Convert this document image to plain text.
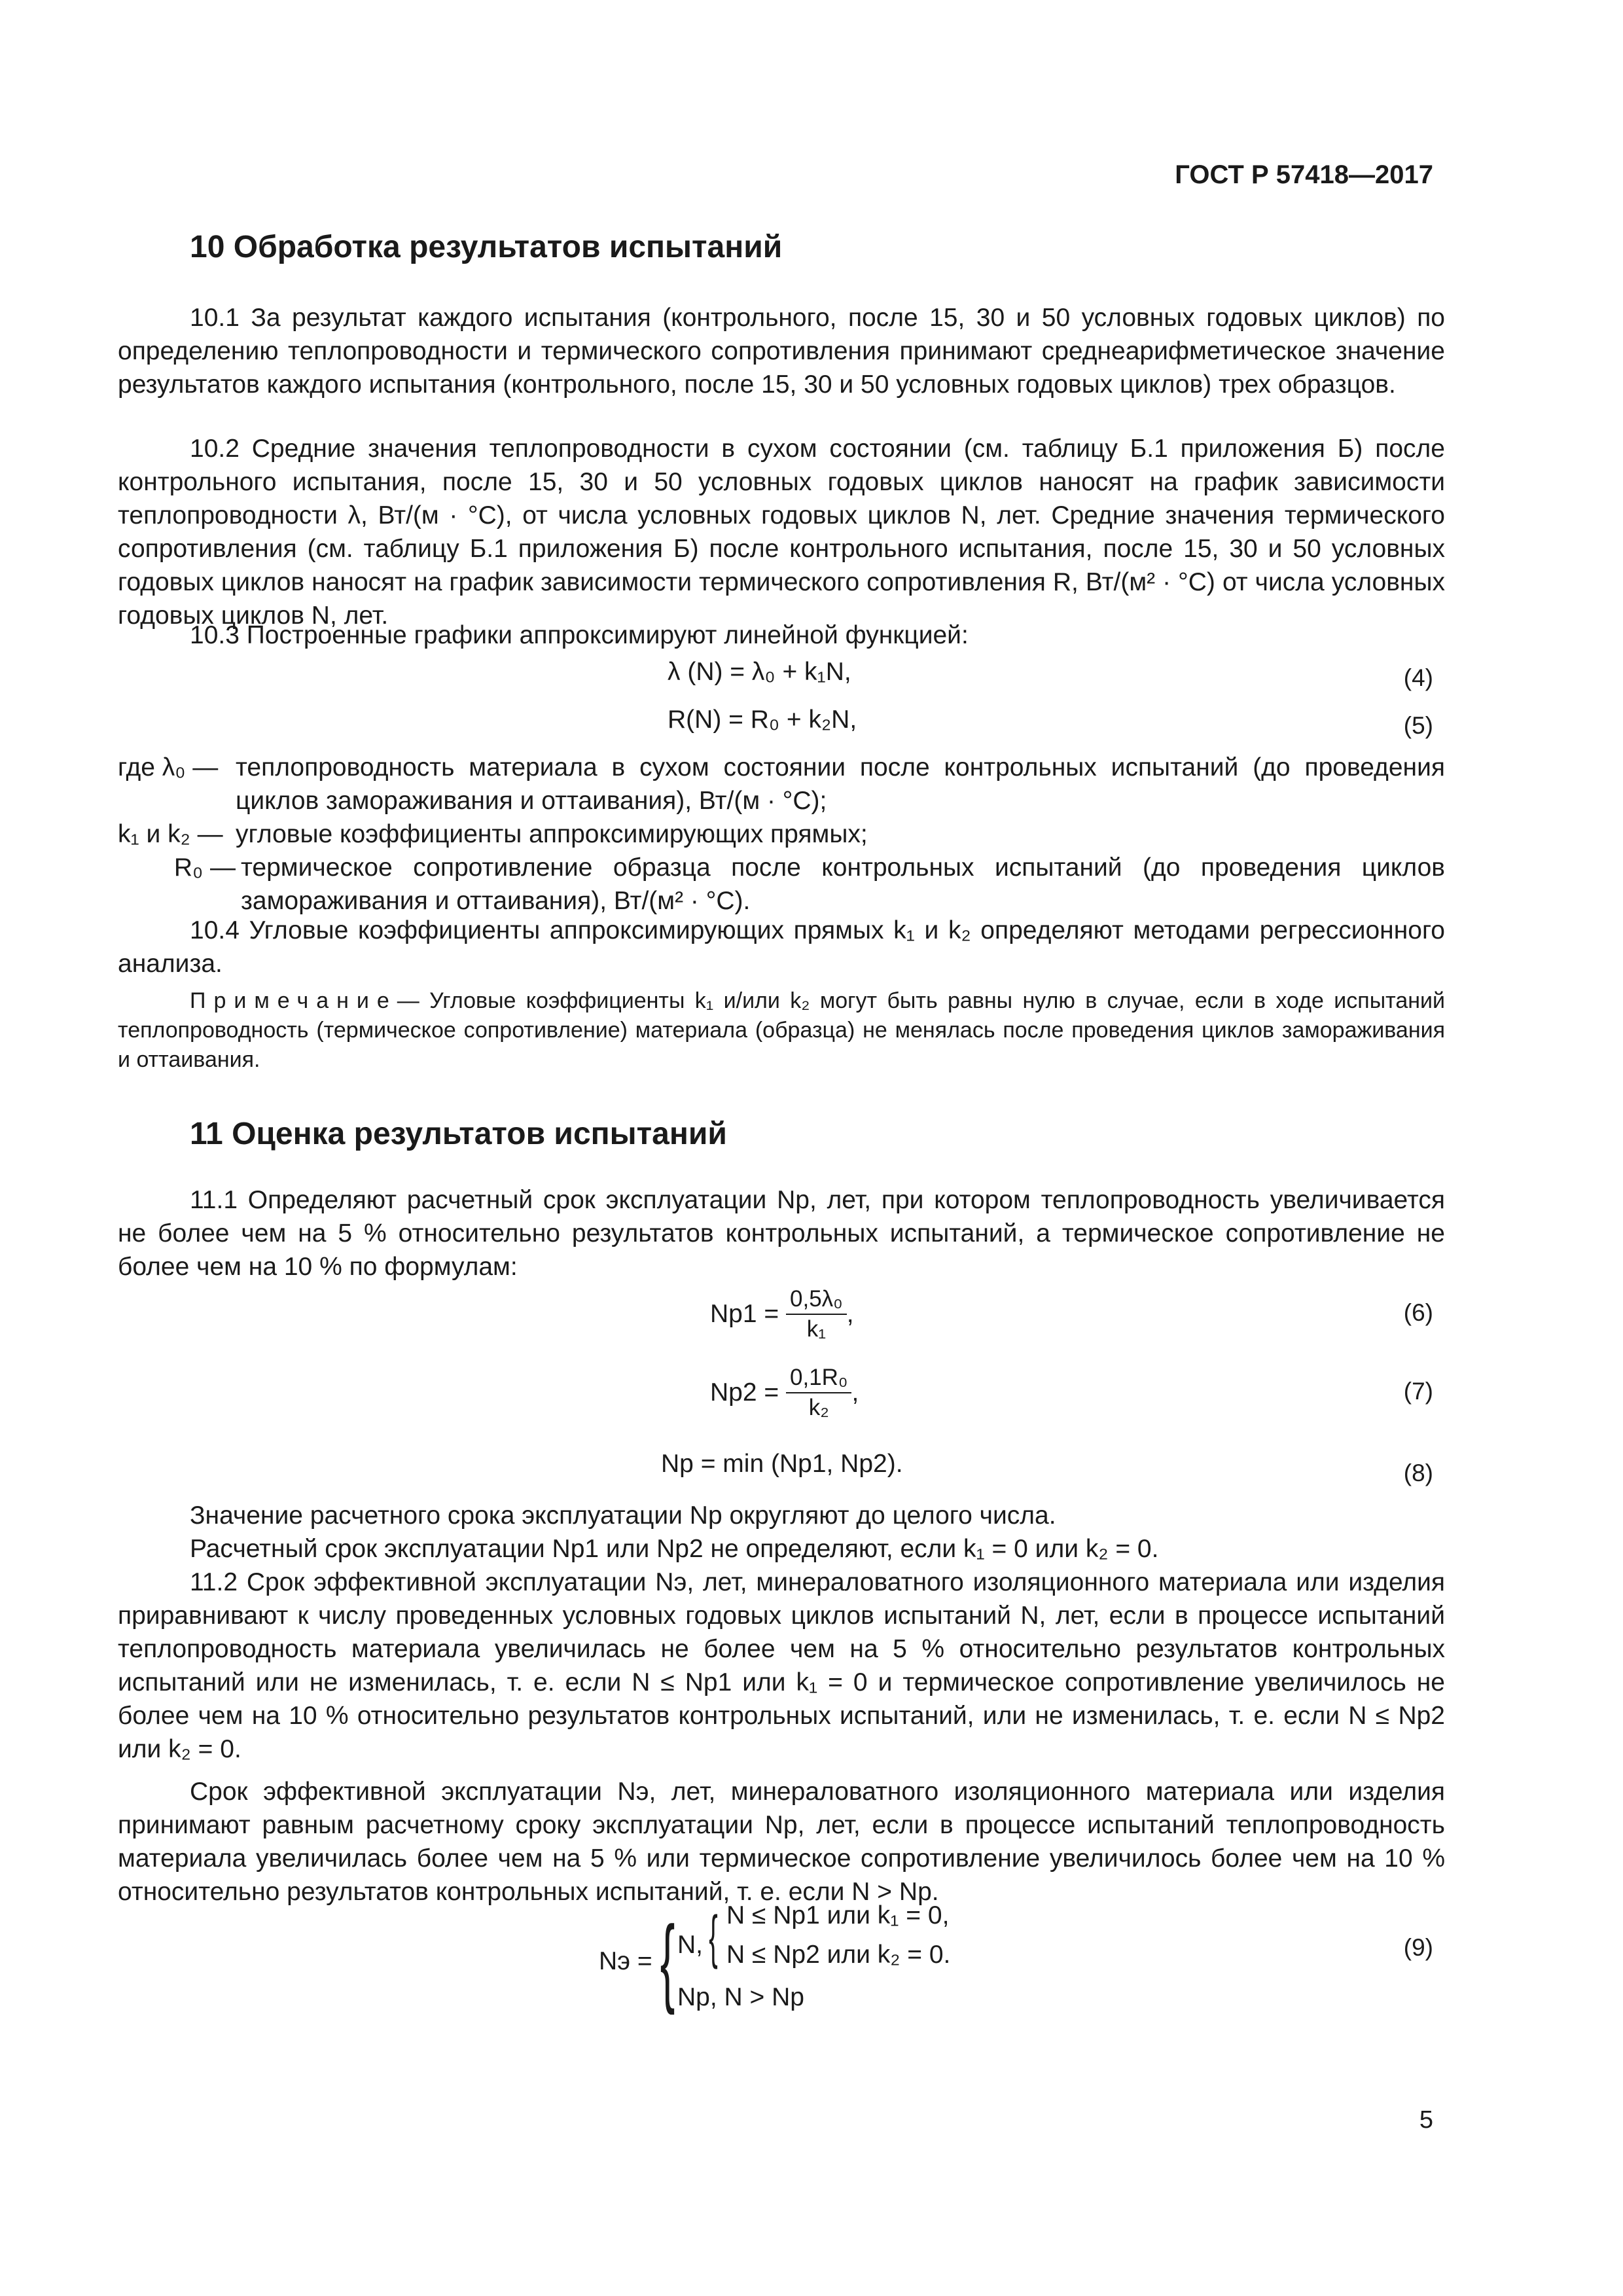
ГОСТ Р 57418—2017
10 Обработка результатов испытаний
10.1 За результат каждого испытания (контрольного, после 15, 30 и 50 условных годовых циклов) по определению теплопроводности и термического сопротивления принимают среднеарифметическое значение результатов каждого испытания (контрольного, после 15, 30 и 50 условных годовых циклов) трех образцов.
10.2 Средние значения теплопроводности в сухом состоянии (см. таблицу Б.1 приложения Б) после контрольного испытания, после 15, 30 и 50 условных годовых циклов наносят на график зависимости теплопроводности λ, Вт/(м · °С), от числа условных годовых циклов N, лет. Средние значения термического сопротивления (см. таблицу Б.1 приложения Б) после контрольного испытания, после 15, 30 и 50 условных годовых циклов наносят на график зависимости термического сопротивления R, Вт/(м² · °С) от числа условных годовых циклов N, лет.
10.3 Построенные графики аппроксимируют линейной функцией:
λ (N) = λ₀ + k₁N,	(4)
R(N) = R₀ + k₂N,	(5)
где λ₀ — теплопроводность материала в сухом состоянии после контрольных испытаний (до проведения циклов замораживания и оттаивания), Вт/(м · °С);
k₁ и k₂ — угловые коэффициенты аппроксимирующих прямых;
R₀ — термическое сопротивление образца после контрольных испытаний (до проведения циклов замораживания и оттаивания), Вт/(м² · °С).
10.4 Угловые коэффициенты аппроксимирующих прямых k₁ и k₂ определяют методами регрессионного анализа.
Примечание— Угловые коэффициенты k₁ и/или k₂ могут быть равны нулю в случае, если в ходе испытаний теплопроводность (термическое сопротивление) материала (образца) не менялась после проведения циклов замораживания и оттаивания.
11 Оценка результатов испытаний
11.1 Определяют расчетный срок эксплуатации Nр, лет, при котором теплопроводность увеличивается не более чем на 5 % относительно результатов контрольных испытаний, а термическое сопротивление не более чем на 10 % по формулам:
$Nр1 = \frac{\text{0,5λ₀}}{\text{k₁}}$ ,	(6)
$Nр2 = \frac{\text{0,1R₀}}{\text{k₂}}$ ,	(7)
Nр = min (Nр1, Nр2).	(8)
Значение расчетного срока эксплуатации Nр округляют до целого числа.
Расчетный срок эксплуатации Nр1 или Nр2 не определяют, если k₁ = 0 или k₂ = 0.
11.2 Срок эффективной эксплуатации Nэ, лет, минераловатного изоляционного материала или изделия приравнивают к числу проведенных условных годовых циклов испытаний N, лет, если в процессе испытаний теплопроводность материала увеличилась не более чем на 5 % относительно результатов контрольных испытаний или не изменилась, т. е. если N ≤ Nр1 или k₁ = 0 и термическое сопротивление увеличилось не более чем на 10 % относительно результатов контрольных испытаний, или не изменилась, т. е. если N ≤ Nр2 или k₂ = 0.
Срок эффективной эксплуатации Nэ, лет, минераловатного изоляционного материала или изделия принимают равным расчетному сроку эксплуатации Nр, лет, если в процессе испытаний теплопроводность материала увеличилась более чем на 5 % или термическое сопротивление увеличилось более чем на 10 % относительно результатов контрольных испытаний, т. е. если N > Nр.
Nэ = { N, { N ≤ Nр1 или k₁ = 0,
N ≤ Nр2 или k₂ = 0.
Nр, N > Nр
(9)
5
